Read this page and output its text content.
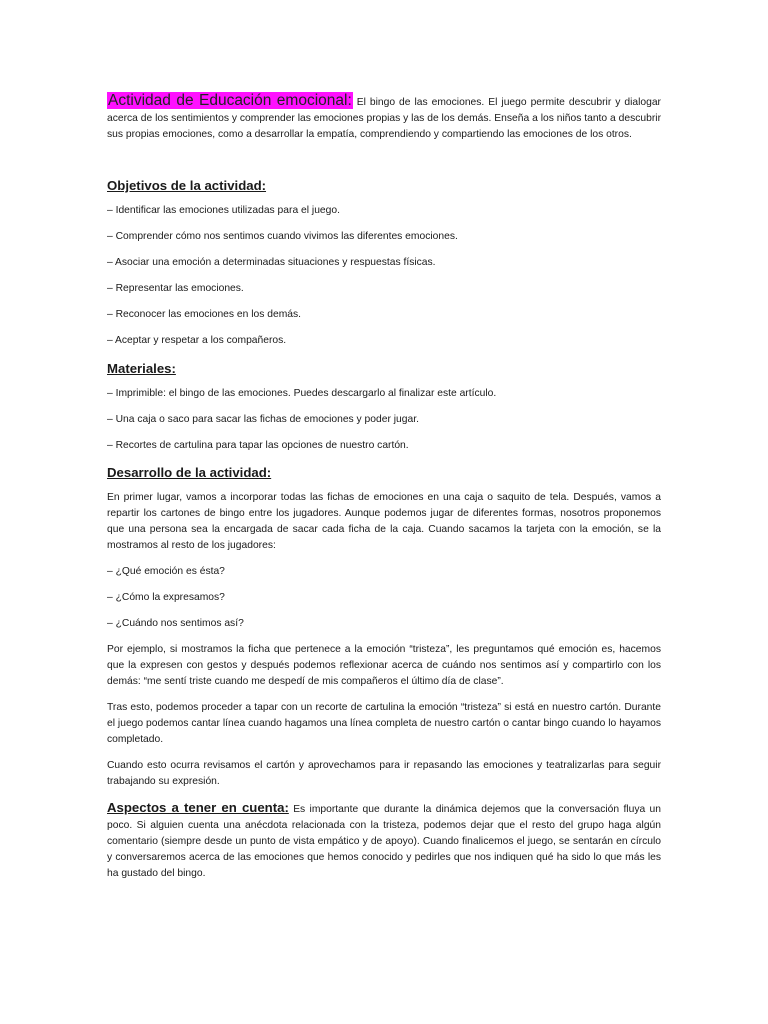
Actividad de Educación emocional: El bingo de las emociones. El juego permite descubrir y dialogar acerca de los sentimientos y comprender las emociones propias y las de los demás. Enseña a los niños tanto a descubrir sus propias emociones, como a desarrollar la empatía, comprendiendo y compartiendo las emociones de los otros.

Objetivos de la actividad:

– Identificar las emociones utilizadas para el juego.

– Comprender cómo nos sentimos cuando vivimos las diferentes emociones.

– Asociar una emoción a determinadas situaciones y respuestas físicas.

– Representar las emociones.

– Reconocer las emociones en los demás.

– Aceptar y respetar a los compañeros.

Materiales:

– Imprimible: el bingo de las emociones. Puedes descargarlo al finalizar este artículo.

– Una caja o saco para sacar las fichas de emociones y poder jugar.

– Recortes de cartulina para tapar las opciones de nuestro cartón.

Desarrollo de la actividad:

En primer lugar, vamos a incorporar todas las fichas de emociones en una caja o saquito de tela. Después, vamos a repartir los cartones de bingo entre los jugadores. Aunque podemos jugar de diferentes formas, nosotros proponemos que una persona sea la encargada de sacar cada ficha de la caja. Cuando sacamos la tarjeta con la emoción, se la mostramos al resto de los jugadores:

– ¿Qué emoción es ésta?

– ¿Cómo la expresamos?

– ¿Cuándo nos sentimos así?

Por ejemplo, si mostramos la ficha que pertenece a la emoción “tristeza”, les preguntamos qué emoción es, hacemos que la expresen con gestos y después podemos reflexionar acerca de cuándo nos sentimos así y compartirlo con los demás: “me sentí triste cuando me despedí de mis compañeros el último día de clase”.

Tras esto, podemos proceder a tapar con un recorte de cartulina la emoción “tristeza” si está en nuestro cartón. Durante el juego podemos cantar línea cuando hagamos una línea completa de nuestro cartón o cantar bingo cuando lo hayamos completado.

Cuando esto ocurra revisamos el cartón y aprovechamos para ir repasando las emociones y teatralizarlas para seguir trabajando su expresión.

Aspectos a tener en cuenta: Es importante que durante la dinámica dejemos que la conversación fluya un poco. Si alguien cuenta una anécdota relacionada con la tristeza, podemos dejar que el resto del grupo haga algún comentario (siempre desde un punto de vista empático y de apoyo). Cuando finalicemos el juego, se sentarán en círculo y conversaremos acerca de las emociones que hemos conocido y pedirles que nos indiquen qué ha sido lo que más les ha gustado del bingo.
